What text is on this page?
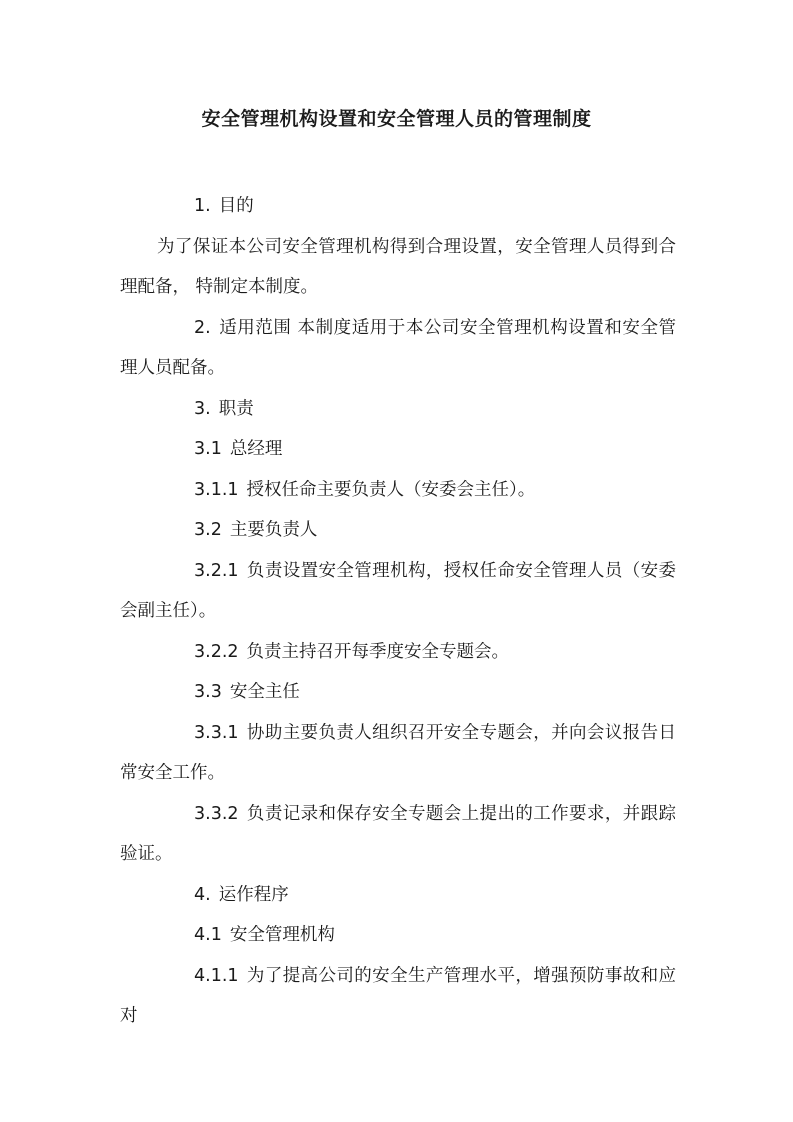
安全管理机构设置和安全管理人员的管理制度

1. 目的

为了保证本公司安全管理机构得到合理设置，安全管理人员得到合理配备， 特制定本制度。

2. 适用范围 本制度适用于本公司安全管理机构设置和安全管理人员配备。

3. 职责

3.1 总经理

3.1.1 授权任命主要负责人（安委会主任）。

3.2 主要负责人

3.2.1 负责设置安全管理机构，授权任命安全管理人员（安委会副主任）。

3.2.2 负责主持召开每季度安全专题会。

3.3 安全主任

3.3.1 协助主要负责人组织召开安全专题会，并向会议报告日常安全工作。

3.3.2 负责记录和保存安全专题会上提出的工作要求，并跟踪验证。

4. 运作程序

4.1 安全管理机构

4.1.1 为了提高公司的安全生产管理水平，增强预防事故和应对
